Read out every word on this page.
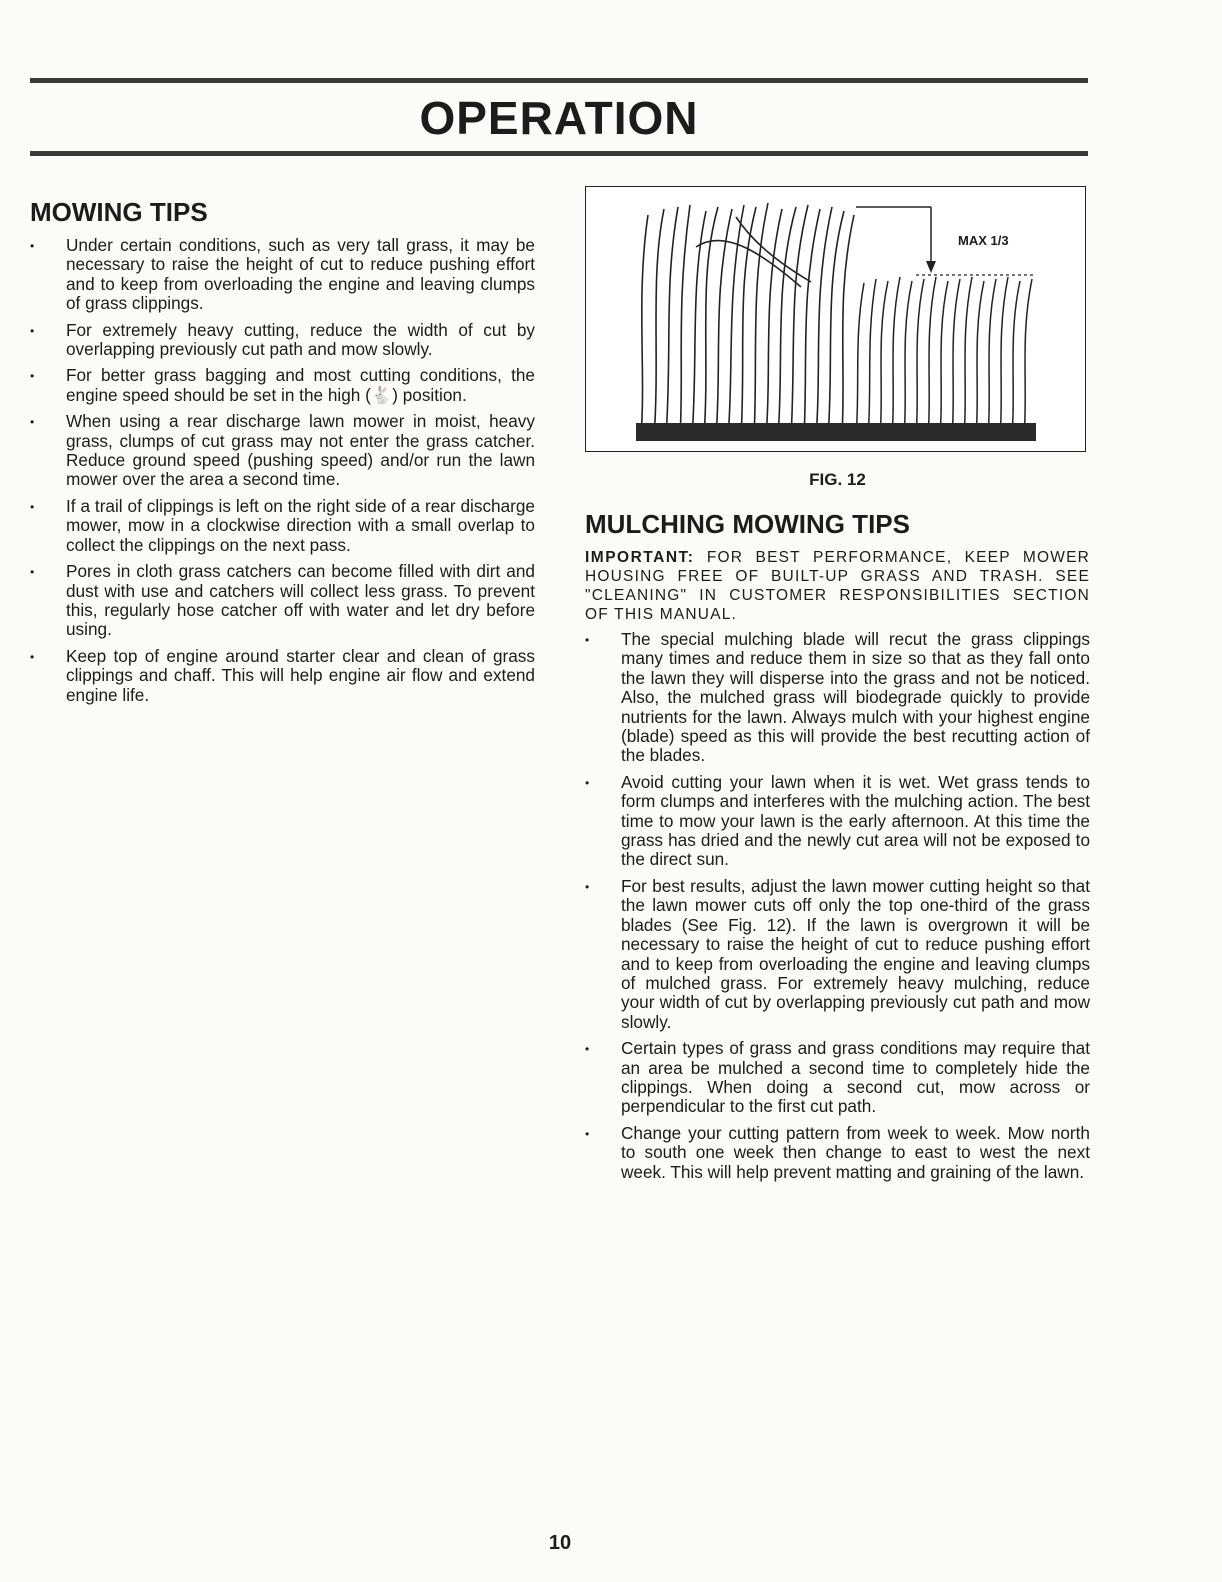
OPERATION
MOWING TIPS
• Under certain conditions, such as very tall grass, it may be necessary to raise the height of cut to reduce pushing effort and to keep from overloading the engine and leaving clumps of grass clippings.
• For extremely heavy cutting, reduce the width of cut by overlapping previously cut path and mow slowly.
• For better grass bagging and most cutting conditions, the engine speed should be set in the high (🐇) position.
• When using a rear discharge lawn mower in moist, heavy grass, clumps of cut grass may not enter the grass catcher. Reduce ground speed (pushing speed) and/or run the lawn mower over the area a second time.
• If a trail of clippings is left on the right side of a rear discharge mower, mow in a clockwise direction with a small overlap to collect the clippings on the next pass.
• Pores in cloth grass catchers can become filled with dirt and dust with use and catchers will collect less grass. To prevent this, regularly hose catcher off with water and let dry before using.
• Keep top of engine around starter clear and clean of grass clippings and chaff. This will help engine air flow and extend engine life.
MAX 1/3
FIG. 12
MULCHING MOWING TIPS

IMPORTANT: FOR BEST PERFORMANCE, KEEP MOWER HOUSING FREE OF BUILT-UP GRASS AND TRASH. SEE "CLEANING" IN CUSTOMER RESPONSIBILITIES SECTION OF THIS MANUAL.

• The special mulching blade will recut the grass clippings many times and reduce them in size so that as they fall onto the lawn they will disperse into the grass and not be noticed. Also, the mulched grass will biodegrade quickly to provide nutrients for the lawn. Always mulch with your highest engine (blade) speed as this will provide the best recutting action of the blades.
• Avoid cutting your lawn when it is wet. Wet grass tends to form clumps and interferes with the mulching action. The best time to mow your lawn is the early afternoon. At this time the grass has dried and the newly cut area will not be exposed to the direct sun.
• For best results, adjust the lawn mower cutting height so that the lawn mower cuts off only the top one-third of the grass blades (See Fig. 12). If the lawn is overgrown it will be necessary to raise the height of cut to reduce pushing effort and to keep from overloading the engine and leaving clumps of mulched grass. For extremely heavy mulching, reduce your width of cut by overlapping previously cut path and mow slowly.
• Certain types of grass and grass conditions may require that an area be mulched a second time to completely hide the clippings. When doing a second cut, mow across or perpendicular to the first cut path.
• Change your cutting pattern from week to week. Mow north to south one week then change to east to west the next week. This will help prevent matting and graining of the lawn.
10
